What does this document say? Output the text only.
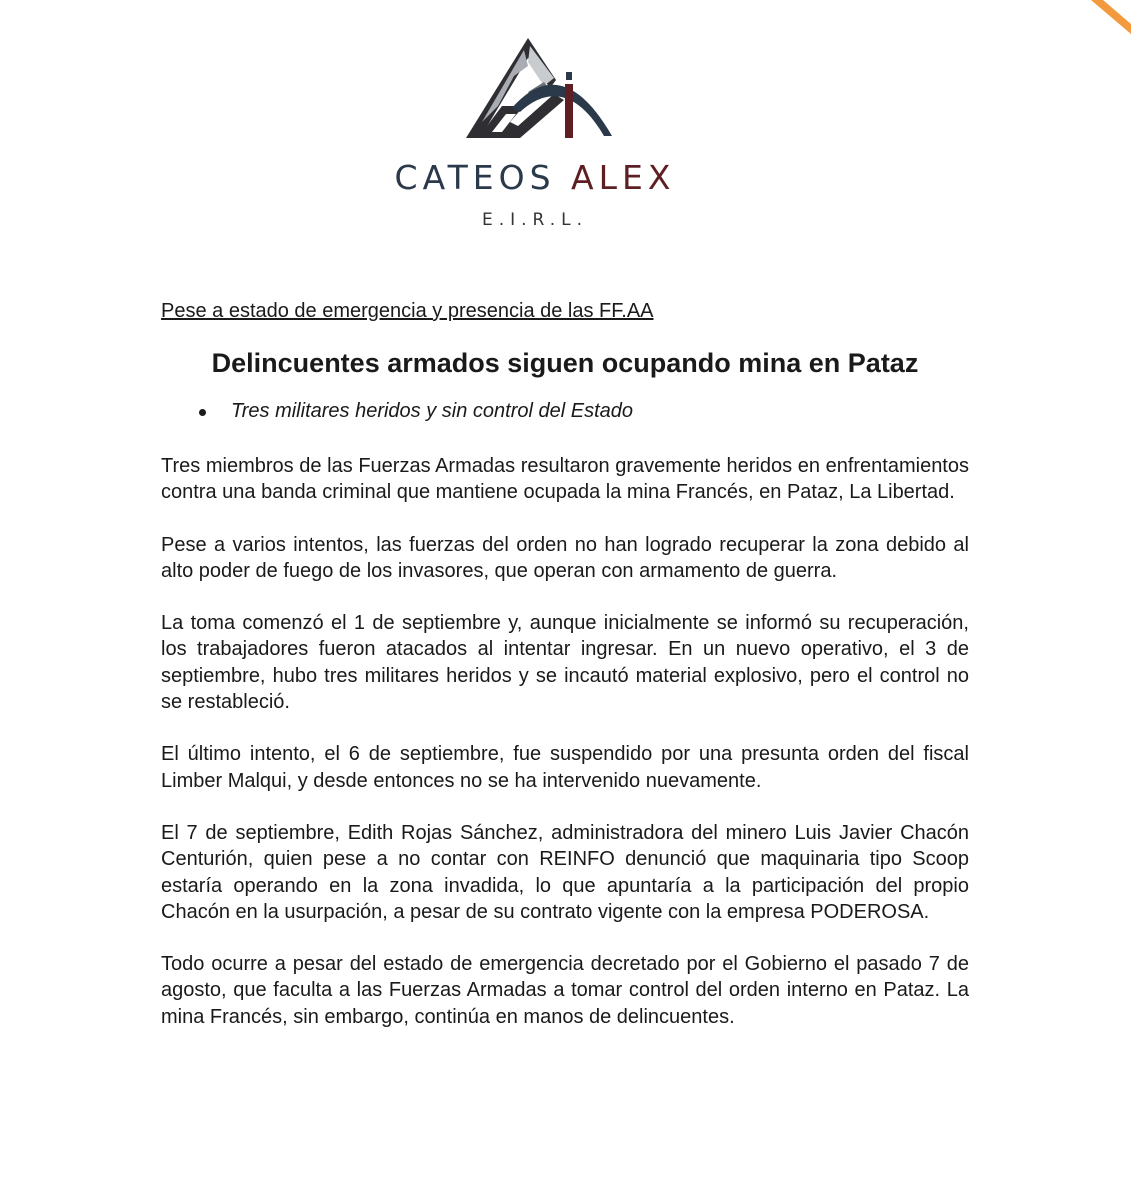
CATEOS ALEX
E.I.R.L.

Pese a estado de emergencia y presencia de las FF.AA

Delincuentes armados siguen ocupando mina en Pataz
Tres militares heridos y sin control del Estado

Tres miembros de las Fuerzas Armadas resultaron gravemente heridos en enfrentamientos contra una banda criminal que mantiene ocupada la mina Francés, en Pataz, La Libertad.

Pese a varios intentos, las fuerzas del orden no han logrado recuperar la zona debido al alto poder de fuego de los invasores, que operan con armamento de guerra.

La toma comenzó el 1 de septiembre y, aunque inicialmente se informó su recuperación, los trabajadores fueron atacados al intentar ingresar. En un nuevo operativo, el 3 de septiembre, hubo tres militares heridos y se incautó material explosivo, pero el control no se restableció.

El último intento, el 6 de septiembre, fue suspendido por una presunta orden del fiscal Limber Malqui, y desde entonces no se ha intervenido nuevamente.

El 7 de septiembre, Edith Rojas Sánchez, administradora del minero Luis Javier Chacón Centurión, quien pese a no contar con REINFO denunció que maquinaria tipo Scoop estaría operando en la zona invadida, lo que apuntaría a la participación del propio Chacón en la usurpación, a pesar de su contrato vigente con la empresa PODEROSA.

Todo ocurre a pesar del estado de emergencia decretado por el Gobierno el pasado 7 de agosto, que faculta a las Fuerzas Armadas a tomar control del orden interno en Pataz. La mina Francés, sin embargo, continúa en manos de delincuentes.
